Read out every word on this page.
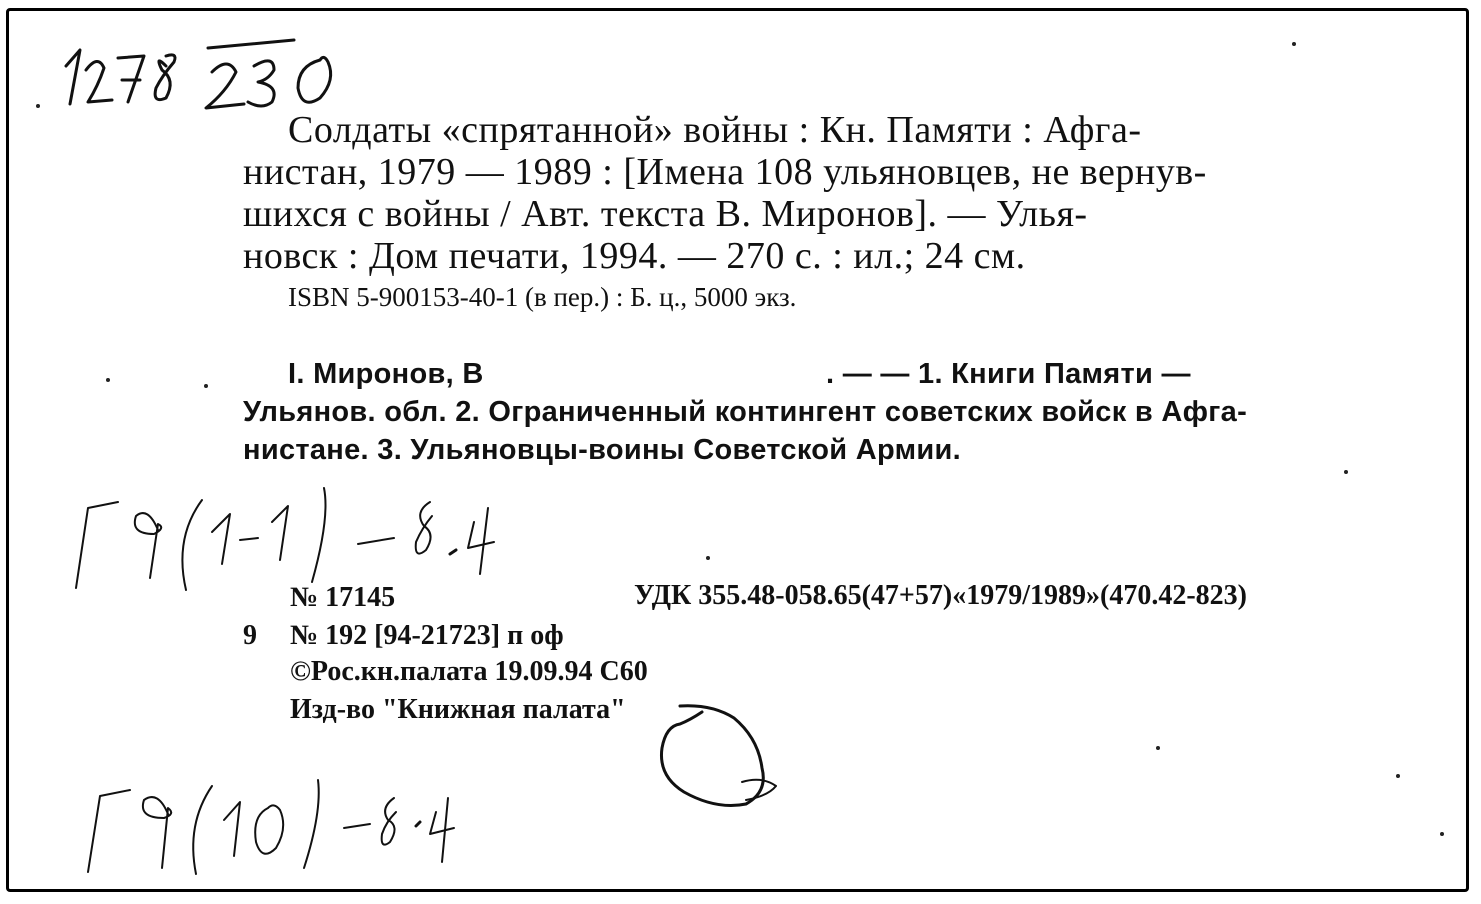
Солдаты «спрятанной» войны : Кн. Памяти : Афга-
нистан, 1979 — 1989 : [Имена 108 ульяновцев, не вернув-
шихся с войны / Авт. текста В. Миронов]. — Улья-
новск : Дом печати, 1994. — 270 с. : ил.; 24 см.
ISBN 5-900153-40-1 (в пер.) : Б. ц., 5000 экз.
I. Миронов, В	. — — 1. Книги Памяти —
Ульянов. обл. 2. Ограниченный контингент советских войск в Афга-
нистане. 3. Ульяновцы-воины Советской Армии.
№ 17145	УДК 355.48-058.65(47+57)«1979/1989»(470.42-823)
9 № 192 [94-21723] п оф
©Рос.кн.палата 19.09.94 С60
Изд-во "Книжная палата"
